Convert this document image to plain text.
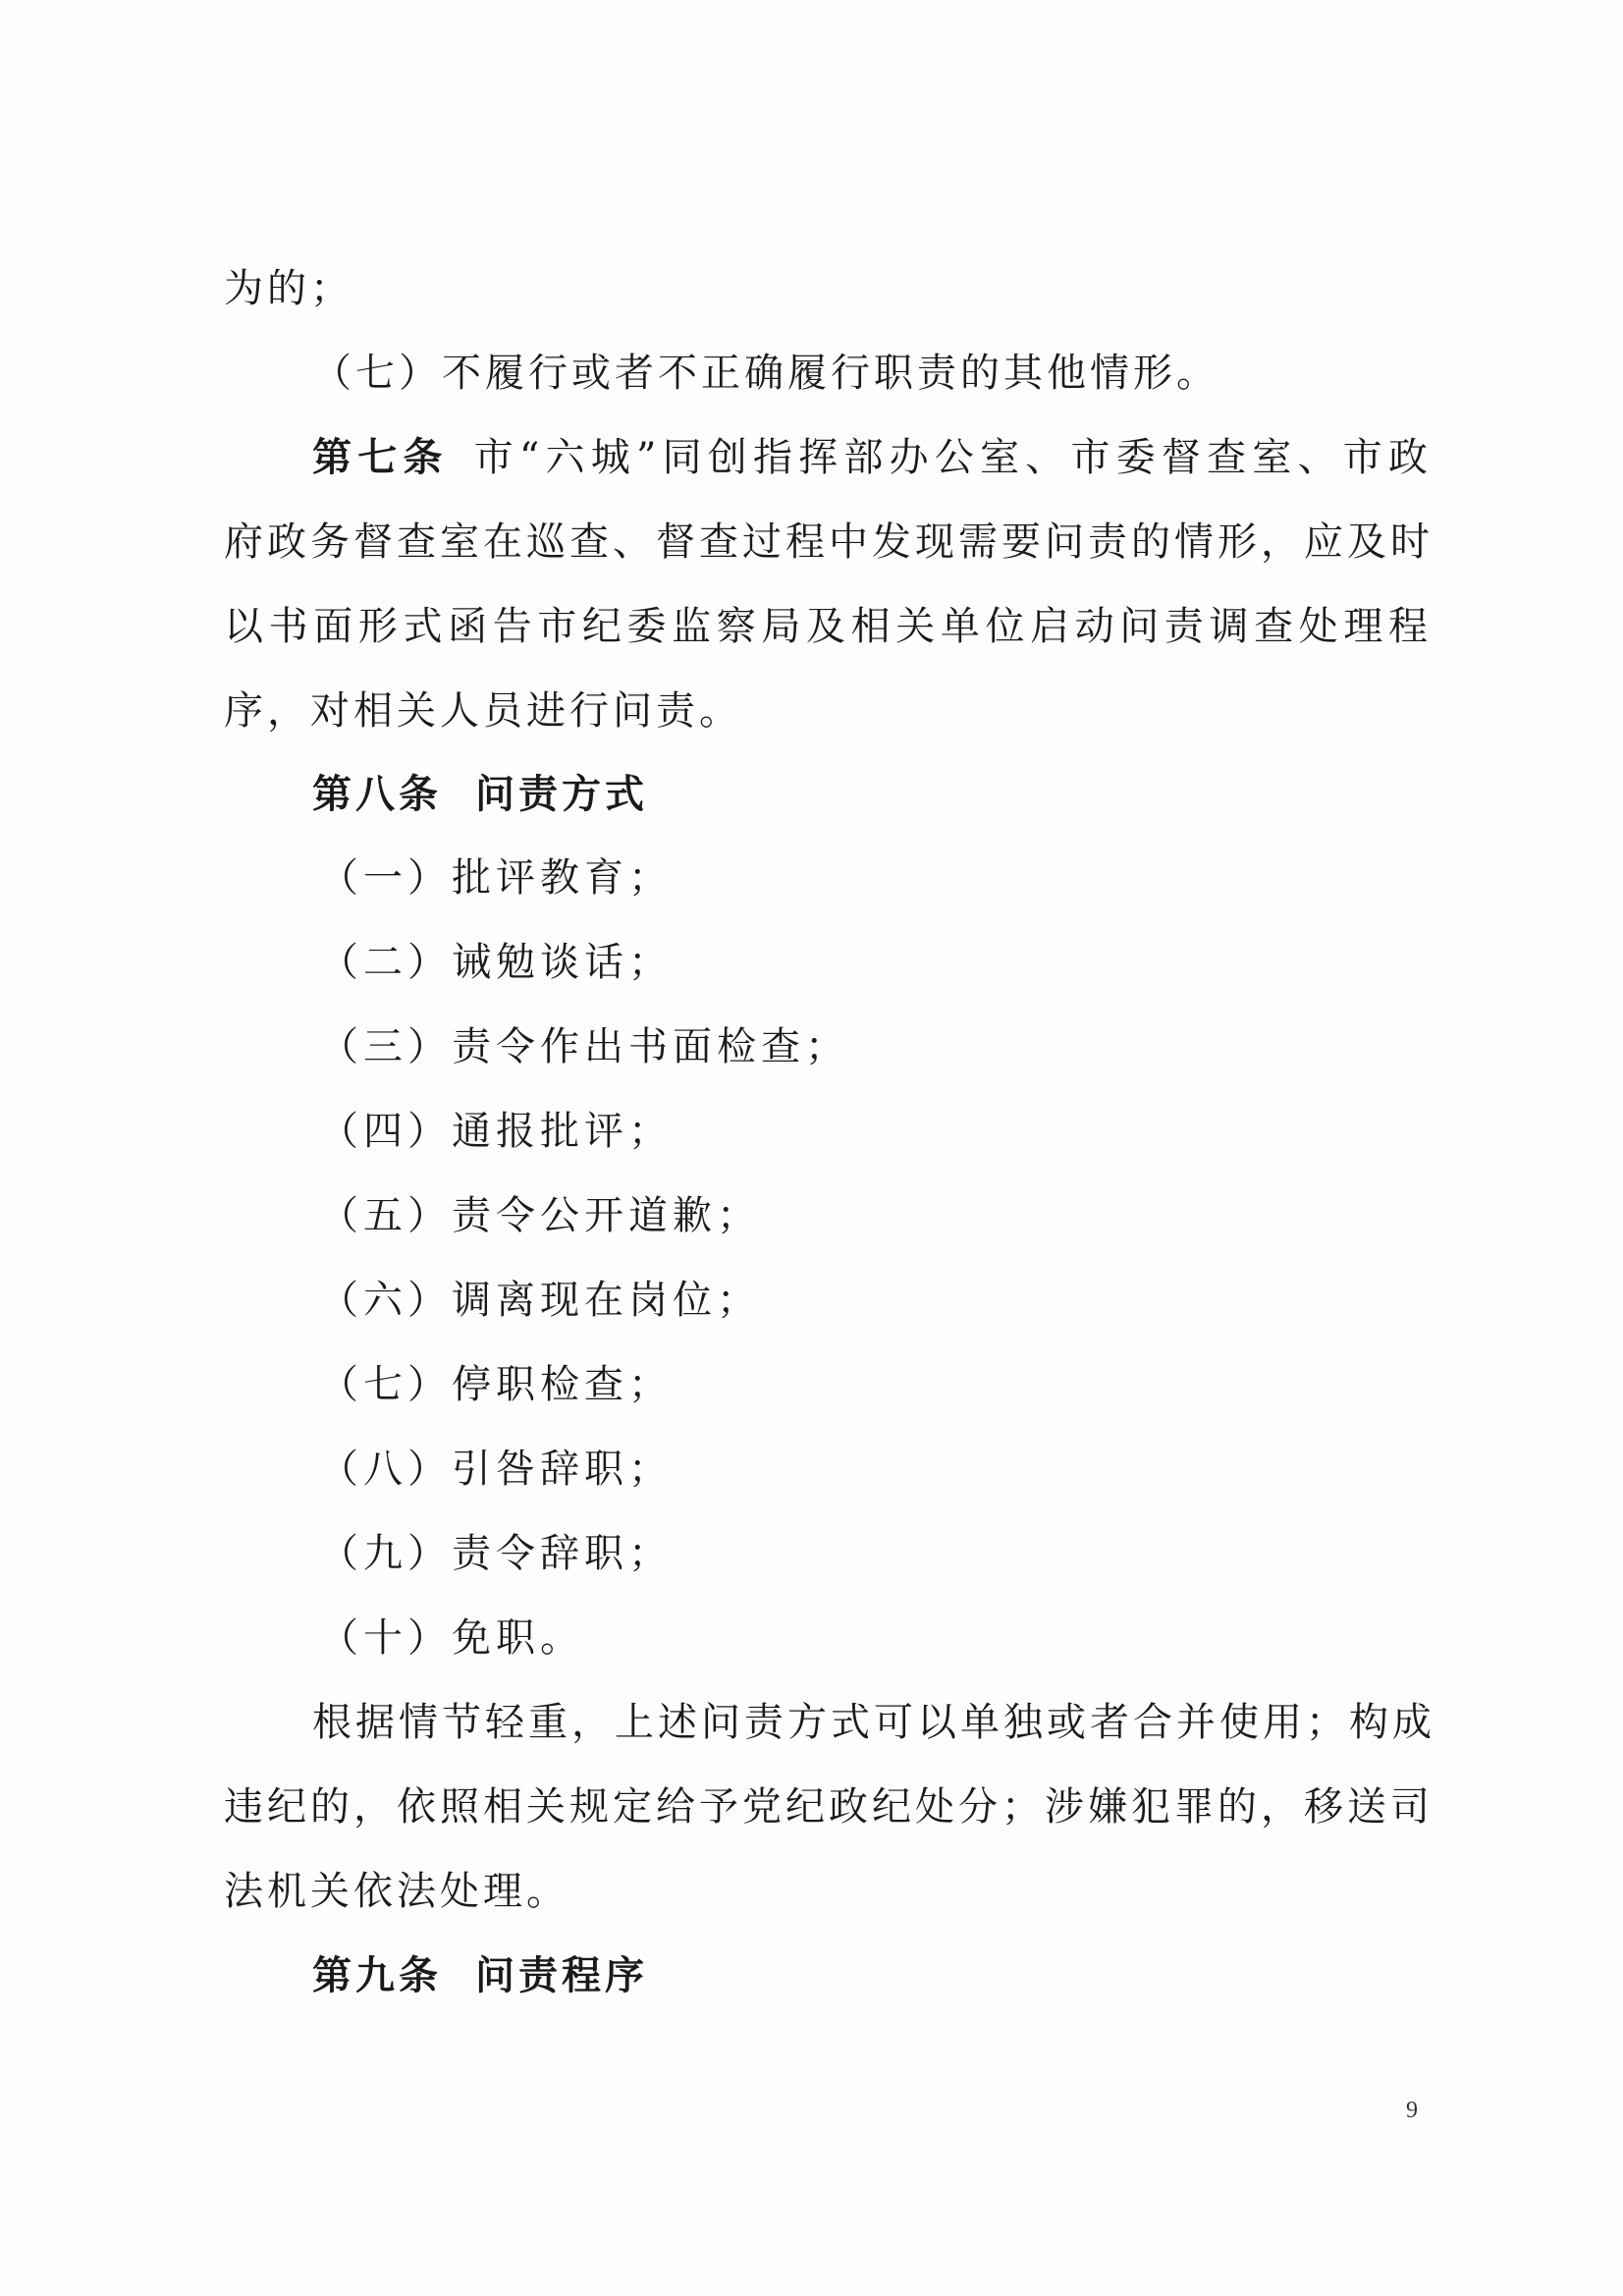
为的；
（七）不履行或者不正确履行职责的其他情形。
第七条 市“六城”同创指挥部办公室、市委督查室、市政
府政务督查室在巡查、督查过程中发现需要问责的情形，应及时
以书面形式函告市纪委监察局及相关单位启动问责调查处理程
序，对相关人员进行问责。
第八条 问责方式
（一）批评教育；
（二）诫勉谈话；
（三）责令作出书面检查；
（四）通报批评；
（五）责令公开道歉；
（六）调离现在岗位；
（七）停职检查；
（八）引咎辞职；
（九）责令辞职；
（十）免职。
根据情节轻重，上述问责方式可以单独或者合并使用；构成
违纪的，依照相关规定给予党纪政纪处分；涉嫌犯罪的，移送司
法机关依法处理。
第九条 问责程序
9
